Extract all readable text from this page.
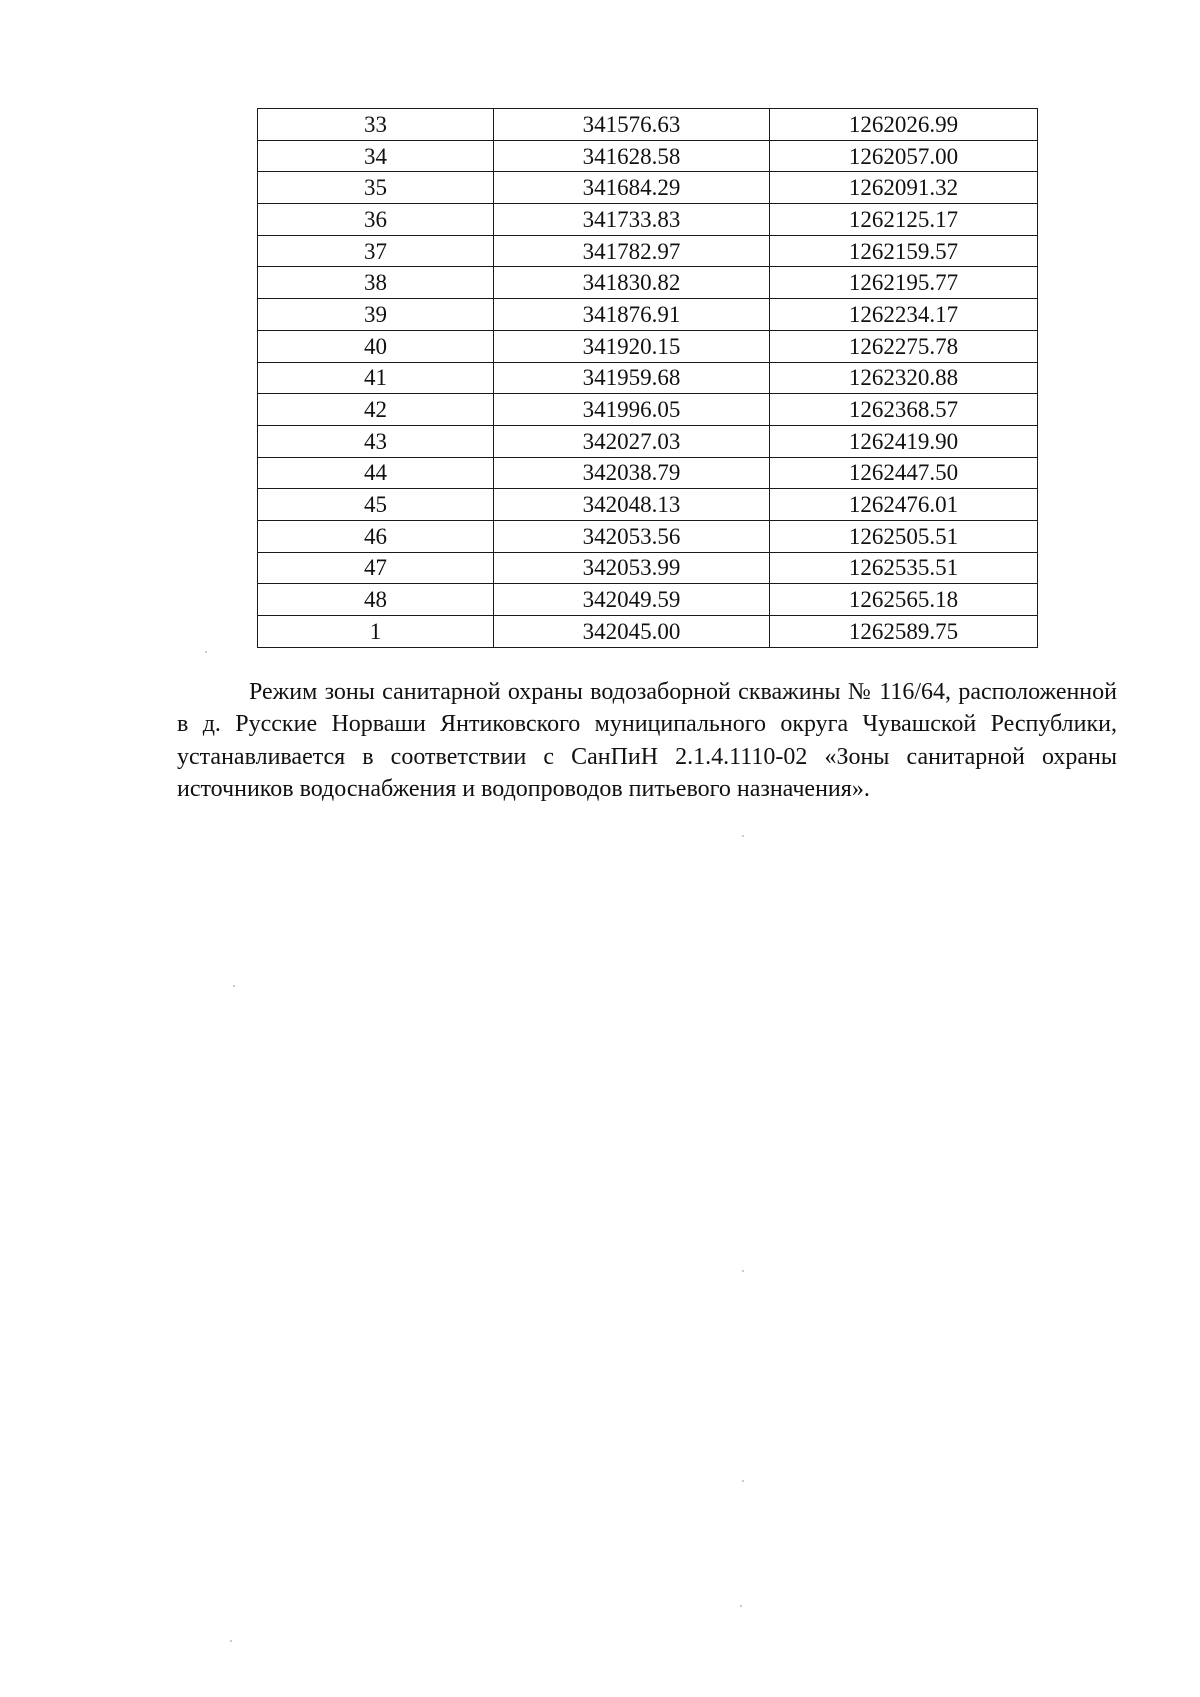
33	341576.63	1262026.99
34	341628.58	1262057.00
35	341684.29	1262091.32
36	341733.83	1262125.17
37	341782.97	1262159.57
38	341830.82	1262195.77
39	341876.91	1262234.17
40	341920.15	1262275.78
41	341959.68	1262320.88
42	341996.05	1262368.57
43	342027.03	1262419.90
44	342038.79	1262447.50
45	342048.13	1262476.01
46	342053.56	1262505.51
47	342053.99	1262535.51
48	342049.59	1262565.18
1	342045.00	1262589.75

Режим зоны санитарной охраны водозаборной скважины № 116/64, расположенной в д. Русские Норваши Янтиковского муниципального округа Чувашской Республики, устанавливается в соответствии с СанПиН 2.1.4.1110-02 «Зоны санитарной охраны источников водоснабжения и водопроводов питьевого назначения».
